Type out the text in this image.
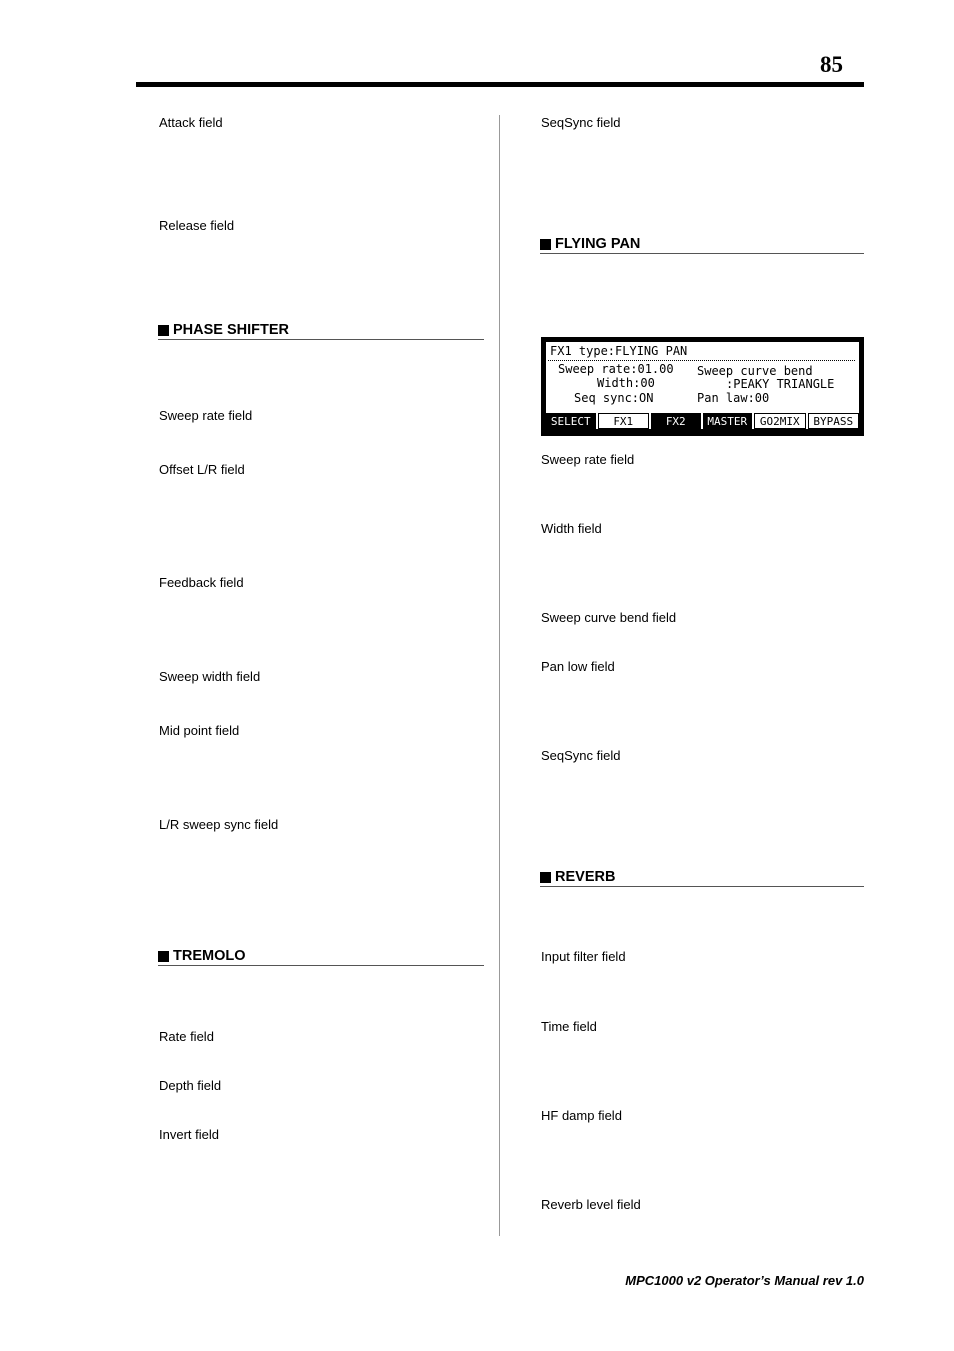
85
Attack field
Release field
PHASE SHIFTER
Sweep rate field
Offset L/R field
Feedback field
Sweep width field
Mid point field
L/R sweep sync field
TREMOLO
Rate field
Depth field
Invert field
SeqSync field
FLYING PAN
FX1 type:FLYING PAN
Sweep rate:01.00 Sweep curve bend
Width:00	:PEAKY TRIANGLE
Seq sync:ON	Pan law:00
SELECT	FX1	FX2	MASTER	GO2MIX	BYPASS
Sweep rate field
Width field
Sweep curve bend field
Pan low field
SeqSync field
REVERB
Input filter field
Time field
HF damp field
Reverb level field
MPC1000 v2 Operator’s Manual rev 1.0
